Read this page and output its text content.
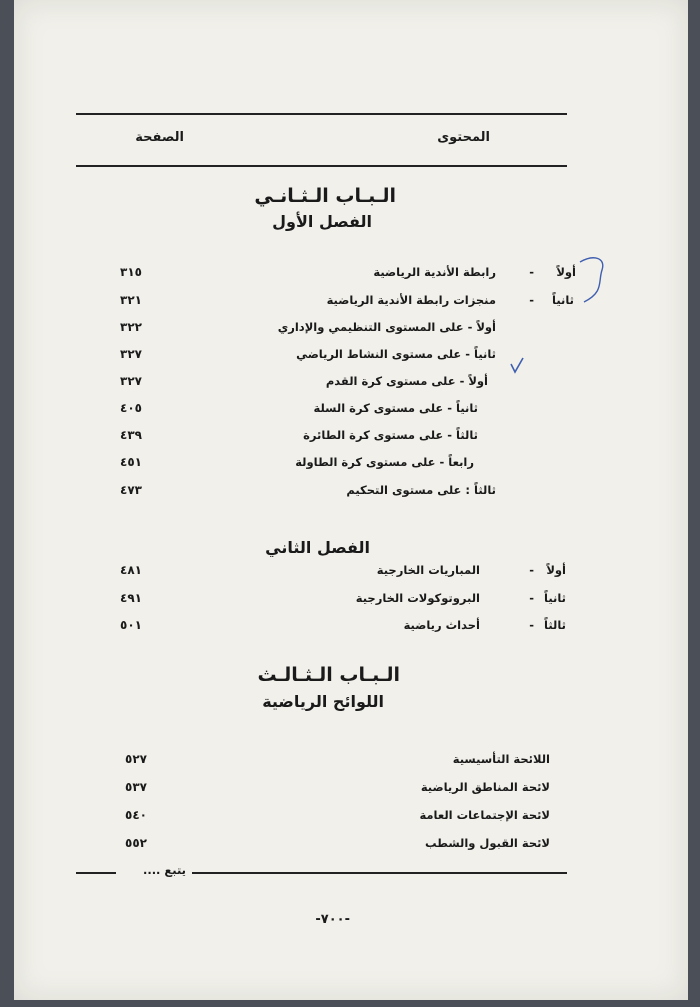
المحتوى
الصفحة
الـبـاب الـثـانـي
الفصل الأول
أولاً
-
رابطة الأندية الرياضية
٣١٥
ثانياً
-
منجزات رابطة الأندية الرياضية
٣٢١
أولاً - على المستوى التنظيمي والإداري
٣٢٢
ثانياً - على مستوى النشاط الرياضي
٣٢٧
أولاً - على مستوى كرة القدم
٣٢٧
ثانياً - على مستوى كرة السلة
٤٠٥
ثالثاً - على مستوى كرة الطائرة
٤٣٩
رابعاً - على مستوى كرة الطاولة
٤٥١
ثالثاً : على مستوى التحكيم
٤٧٣
الفصل الثاني
أولاً
-
المباريات الخارجية
٤٨١
ثانياً
-
البروتوكولات الخارجية
٤٩١
ثالثاً
-
أحداث رياضية
٥٠١
الـبـاب الـثـالـث
اللوائح الرياضية
اللائحة التأسيسية
٥٢٧
لائحة المناطق الرياضية
٥٣٧
لائحة الإجتماعات العامة
٥٤٠
لائحة القبول والشطب
٥٥٢
يتبع ....
-٧٠٠-
